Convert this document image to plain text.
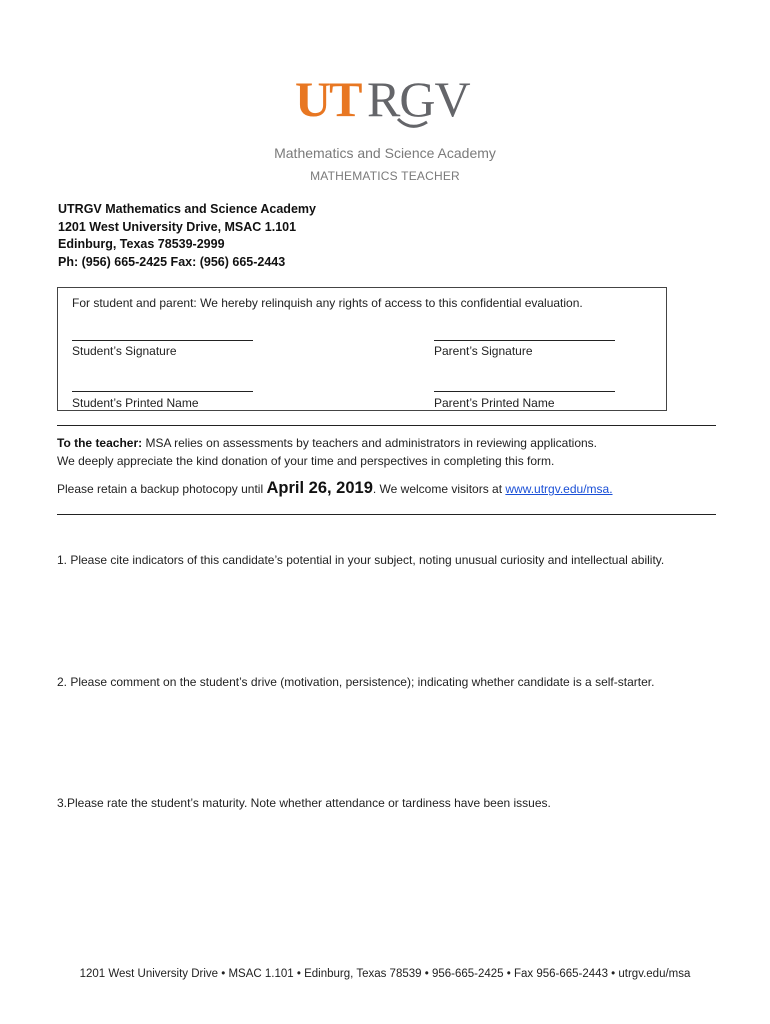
UT RGV
Mathematics and Science Academy
MATHEMATICS TEACHER
UTRGV Mathematics and Science Academy
1201 West University Drive, MSAC 1.101
Edinburg, Texas 78539-2999
Ph: (956) 665-2425 Fax: (956) 665-2443
For student and parent: We hereby relinquish any rights of access to this confidential evaluation.
Student’s Signature	Parent’s Signature
Student’s Printed Name	Parent’s Printed Name
To the teacher: MSA relies on assessments by teachers and administrators in reviewing applications.
We deeply appreciate the kind donation of your time and perspectives in completing this form.
Please retain a backup photocopy until April 26, 2019. We welcome visitors at www.utrgv.edu/msa.
1. Please cite indicators of this candidate’s potential in your subject, noting unusual curiosity and intellectual ability.
2. Please comment on the student’s drive (motivation, persistence); indicating whether candidate is a self-starter.
3.Please rate the student’s maturity. Note whether attendance or tardiness have been issues.
1201 West University Drive • MSAC 1.101 • Edinburg, Texas 78539 • 956-665-2425 • Fax 956-665-2443 • utrgv.edu/msa
